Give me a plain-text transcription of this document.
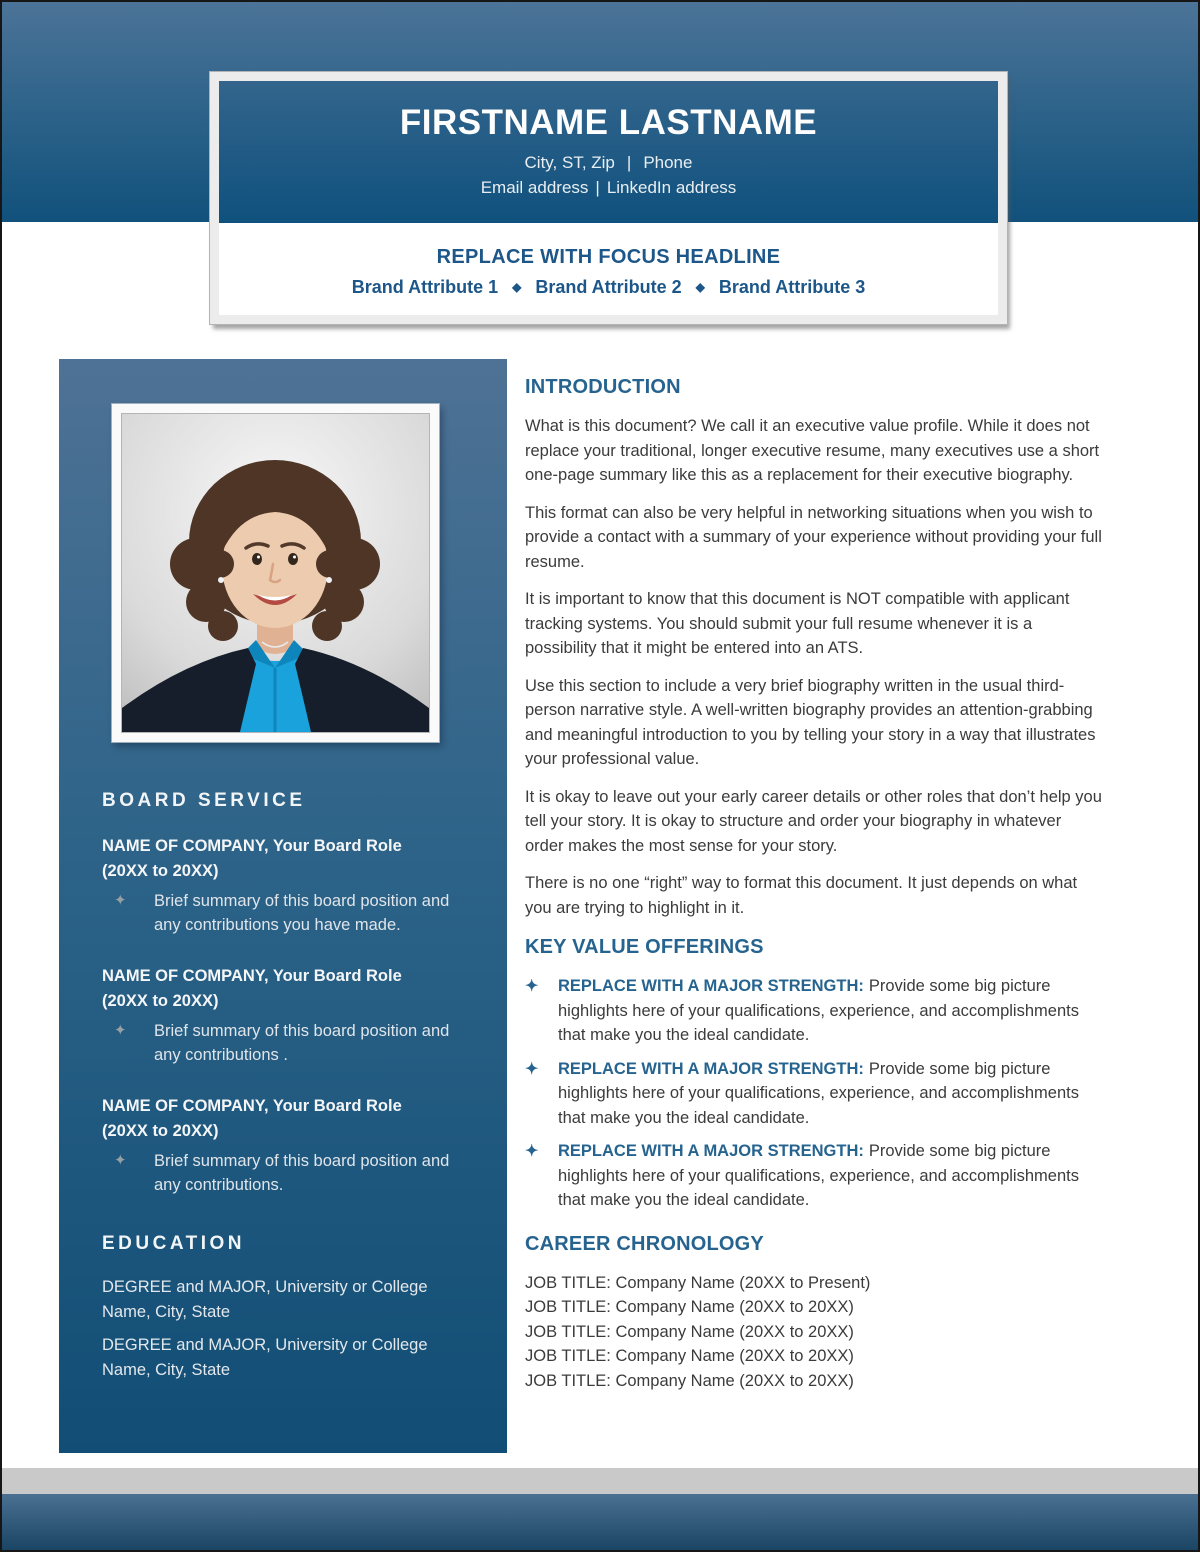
FIRSTNAME LASTNAME
City, ST, Zip | Phone
Email address | LinkedIn address
REPLACE WITH FOCUS HEADLINE
Brand Attribute 1 ◆ Brand Attribute 2 ◆ Brand Attribute 3
BOARD SERVICE
NAME OF COMPANY, Your Board Role
(20XX to 20XX)
✦	Brief summary of this board position and any contributions you have made.
NAME OF COMPANY, Your Board Role
(20XX to 20XX)
✦	Brief summary of this board position and any contributions .
NAME OF COMPANY, Your Board Role
(20XX to 20XX)
✦	Brief summary of this board position and any contributions.
EDUCATION
DEGREE and MAJOR, University or College Name, City, State
DEGREE and MAJOR, University or College Name, City, State
INTRODUCTION

What is this document? We call it an executive value profile. While it does not replace your traditional, longer executive resume, many executives use a short one-page summary like this as a replacement for their executive biography.

This format can also be very helpful in networking situations when you wish to provide a contact with a summary of your experience without providing your full resume.

It is important to know that this document is NOT compatible with applicant tracking systems. You should submit your full resume whenever it is a possibility that it might be entered into an ATS.

Use this section to include a very brief biography written in the usual third-person narrative style. A well-written biography provides an attention-grabbing and meaningful introduction to you by telling your story in a way that illustrates your professional value.

It is okay to leave out your early career details or other roles that don’t help you tell your story. It is okay to structure and order your biography in whatever order makes the most sense for your story.

There is no one “right” way to format this document. It just depends on what you are trying to highlight in it.

KEY VALUE OFFERINGS
✦	REPLACE WITH A MAJOR STRENGTH: Provide some big picture highlights here of your qualifications, experience, and accomplishments that make you the ideal candidate.
✦	REPLACE WITH A MAJOR STRENGTH: Provide some big picture highlights here of your qualifications, experience, and accomplishments that make you the ideal candidate.
✦	REPLACE WITH A MAJOR STRENGTH: Provide some big picture highlights here of your qualifications, experience, and accomplishments that make you the ideal candidate.
CAREER CHRONOLOGY
JOB TITLE: Company Name (20XX to Present)
JOB TITLE: Company Name (20XX to 20XX)
JOB TITLE: Company Name (20XX to 20XX)
JOB TITLE: Company Name (20XX to 20XX)
JOB TITLE: Company Name (20XX to 20XX)
